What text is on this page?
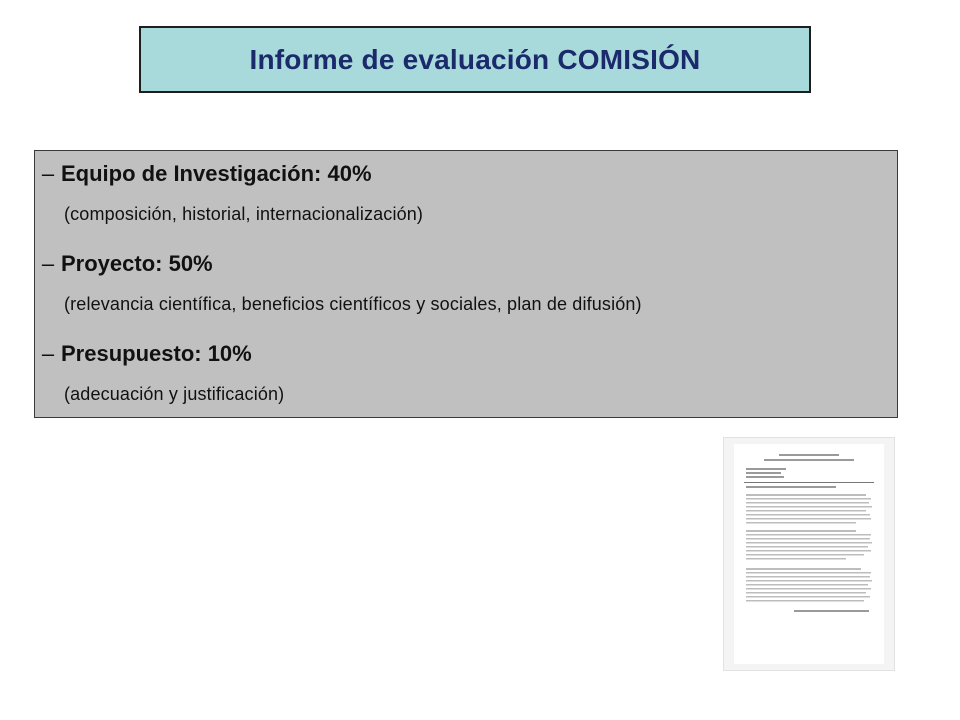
Informe de evaluación COMISIÓN
– Equipo de Investigación: 40%
(composición, historial, internacionalización)
– Proyecto: 50%
(relevancia científica, beneficios científicos y sociales, plan de difusión)
– Presupuesto: 10%
(adecuación y justificación)
